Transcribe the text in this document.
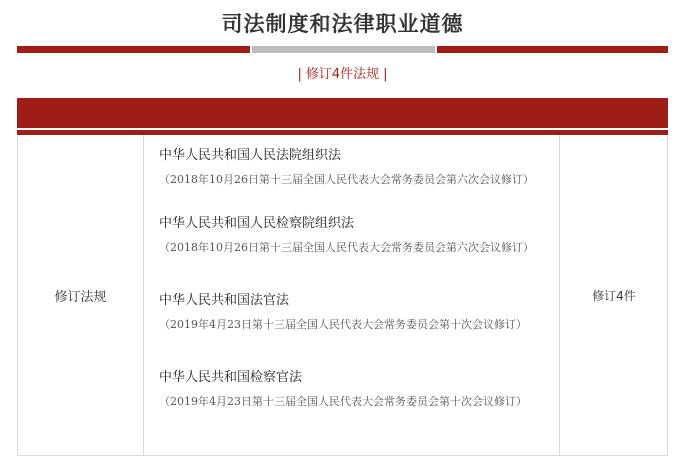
司法制度和法律职业道德
| 修订4件法规 |
修订法规
中华人民共和国人民法院组织法
（2018年10月26日第十三届全国人民代表大会常务委员会第六次会议修订）
中华人民共和国人民检察院组织法
（2018年10月26日第十三届全国人民代表大会常务委员会第六次会议修订）
中华人民共和国法官法
（2019年4月23日第十三届全国人民代表大会常务委员会第十次会议修订）
中华人民共和国检察官法
（2019年4月23日第十三届全国人民代表大会常务委员会第十次会议修订）
修订4件
